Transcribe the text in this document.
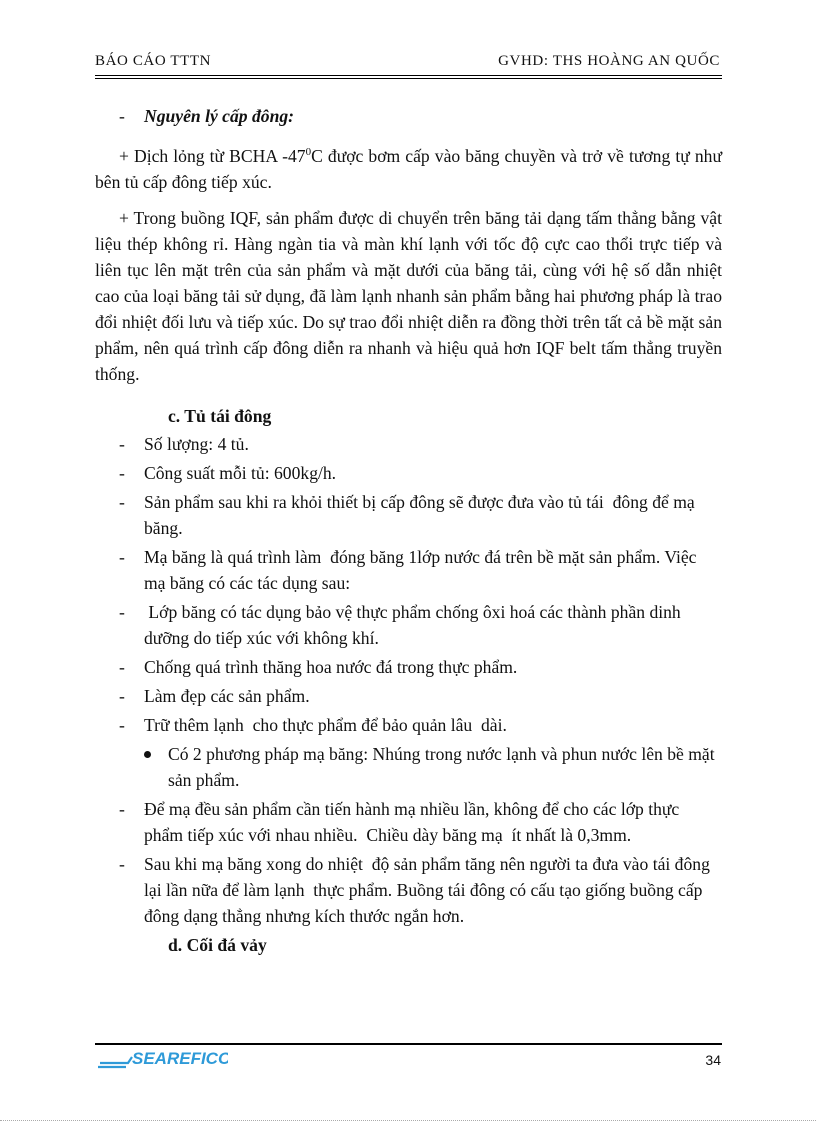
BÁO CÁO TTTN	GVHD: THS HOÀNG AN QUỐC
- Nguyên lý cấp đông:

+ Dịch lỏng từ BCHA $-47^0C$ được bơm cấp vào băng chuyền và trở về tương tự như bên tủ cấp đông tiếp xúc.

+ Trong buồng IQF, sản phẩm được di chuyển trên băng tải dạng tấm thẳng bằng vật liệu thép không rỉ. Hàng ngàn tia và màn khí lạnh với tốc độ cực cao thổi trực tiếp và liên tục lên mặt trên của sản phẩm và mặt dưới của băng tải, cùng với hệ số dẫn nhiệt cao của loại băng tải sử dụng, đã làm lạnh nhanh sản phẩm bằng hai phương pháp là trao đổi nhiệt đối lưu và tiếp xúc. Do sự trao đổi nhiệt diễn ra đồng thời trên tất cả bề mặt sản phẩm, nên quá trình cấp đông diễn ra nhanh và hiệu quả hơn IQF belt tấm thẳng truyền thống.

c. Tủ tái đông
- Số lượng: 4 tủ.
- Công suất mỗi tủ: 600kg/h.
- Sản phẩm sau khi ra khỏi thiết bị cấp đông sẽ được đưa vào tủ tái  đông để mạ băng.
- Mạ băng là quá trình làm  đóng băng 1lớp nước đá trên bề mặt sản phẩm. Việc mạ băng có các tác dụng sau:
- Lớp băng có tác dụng bảo vệ thực phẩm chống ôxi hoá các thành phần dinh dưỡng do tiếp xúc với không khí.
- Chống quá trình thăng hoa nước đá trong thực phẩm.
- Làm đẹp các sản phẩm.
- Trữ thêm lạnh  cho thực phẩm để bảo quản lâu  dài.
Có 2 phương pháp mạ băng: Nhúng trong nước lạnh và phun nước lên bề mặt sản phẩm.
- Để mạ đều sản phẩm cần tiến hành mạ nhiều lần, không để cho các lớp thực phẩm tiếp xúc với nhau nhiều.  Chiều dày băng mạ  ít nhất là 0,3mm.
- Sau khi mạ băng xong do nhiệt  độ sản phẩm tăng nên người ta đưa vào tái đông lại lần nữa để làm lạnh  thực phẩm. Buồng tái đông có cấu tạo giống buồng cấp đông dạng thẳng nhưng kích thước ngắn hơn.
d. Cối đá vảy
SEAREFICO	34
